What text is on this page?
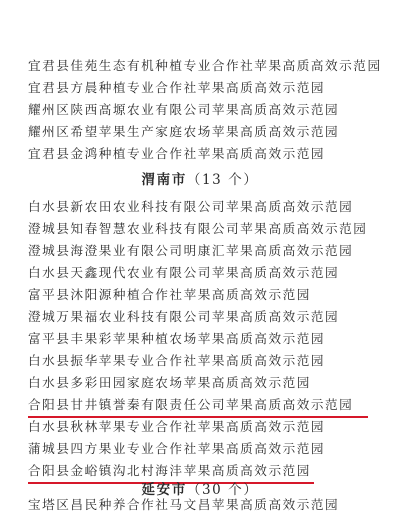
宜君县佳苑生态有机种植专业合作社苹果高质高效示范园
宜君县方晨种植专业合作社苹果高质高效示范园
耀州区陕西高塬农业有限公司苹果高质高效示范园
耀州区希望苹果生产家庭农场苹果高质高效示范园
宜君县金鸿种植专业合作社苹果高质高效示范园
渭南市（13 个）
白水县新农田农业科技有限公司苹果高质高效示范园
澄城县知春智慧农业科技有限公司苹果高质高效示范园
澄城县海澄果业有限公司明康汇苹果高质高效示范园
白水县天鑫现代农业有限公司苹果高质高效示范园
富平县沐阳源种植合作社苹果高质高效示范园
澄城万果福农业科技有限公司苹果高质高效示范园
富平县丰果彩苹果种植农场苹果高质高效示范园
白水县振华苹果专业合作社苹果高质高效示范园
白水县多彩田园家庭农场苹果高质高效示范园
合阳县甘井镇誉秦有限责任公司苹果高质高效示范园
白水县秋林苹果专业合作社苹果高质高效示范园
蒲城县四方果业专业合作社苹果高质高效示范园
合阳县金峪镇沟北村海沣苹果高质高效示范园
延安市（30 个）
宝塔区昌民种养合作社马文昌苹果高质高效示范园
